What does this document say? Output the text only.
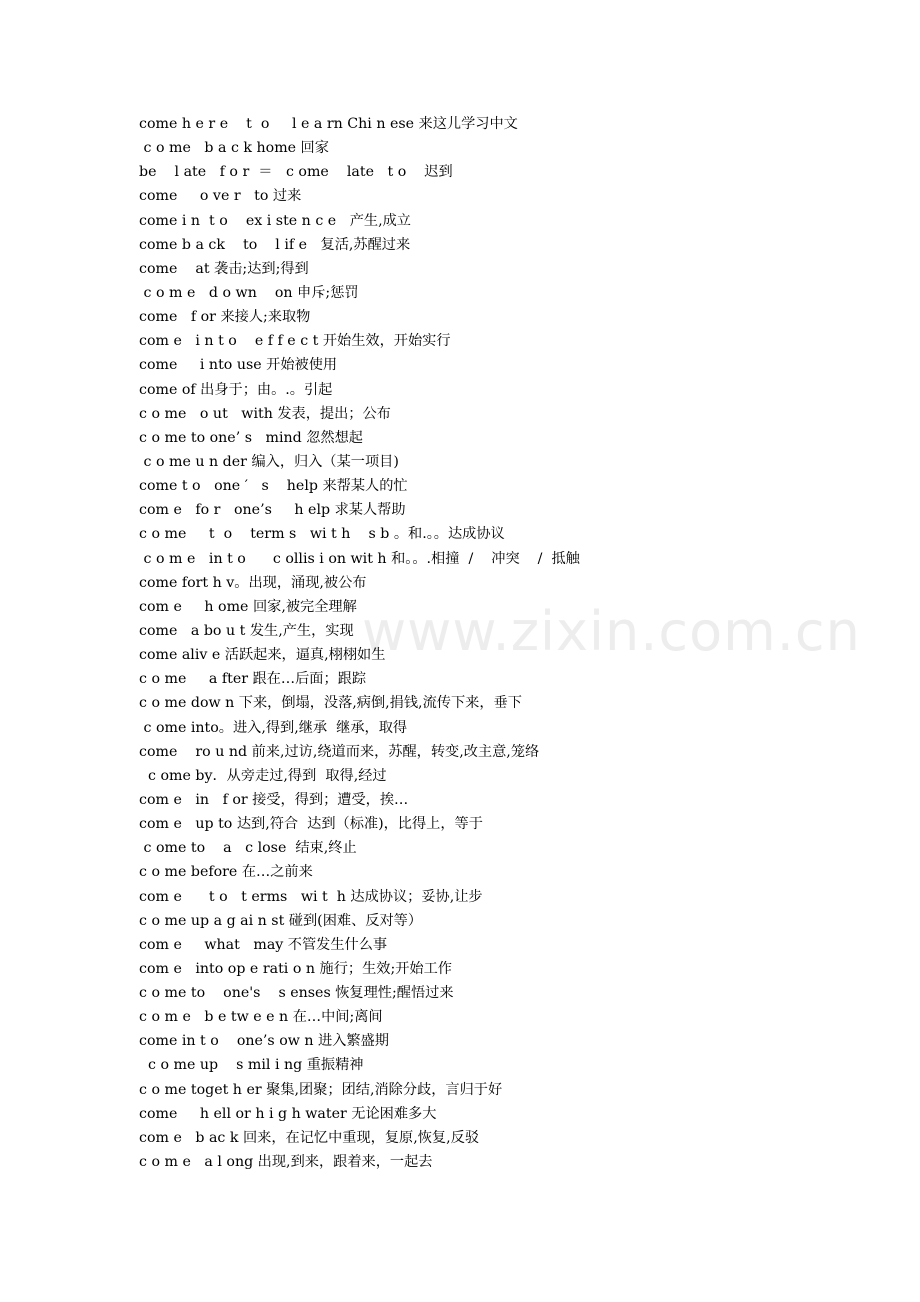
www.zixin.com.cn
come h e r e    t  o     l e a rn Chi n ese 来这儿学习中文
c o me   b a c k home 回家
be    l ate   f o r  ＝   c ome    late   t o    迟到
come     o ve r   to 过来
come i n  t o    ex i ste n c e   产生,成立
come b a ck    to    l if e   复活,苏醒过来
come    at 袭击;达到;得到
c o m e   d o wn    on 申斥;惩罚
come   f or 来接人;来取物
com e   i n t o    e f f e c t 开始生效，开始实行
come     i nto use 开始被使用
come of 出身于；由。.。引起
c o me   o ut   with 发表，提出；公布
c o me to one’ s   mind 忽然想起
c o me u n der 编入，归入（某一项目)
come t o   one ′   s    help 来帮某人的忙
com e   fo r   one’s     h elp 求某人帮助
c o me     t  o    term s   wi t h    s b 。和.。。达成协议
c o m e   in t o      c ollis i on wit h 和。。.相撞  /    冲突    /  抵触
come fort h v。出现，涌现,被公布
com e     h ome 回家,被完全理解
come   a bo u t 发生,产生，实现
come aliv e 活跃起来，逼真,栩栩如生
c o me     a fter 跟在…后面；跟踪
c o me dow n 下来，倒塌，没落,病倒,捐钱,流传下来，垂下
c ome into。进入,得到,继承  继承，取得
come    ro u nd 前来,过访,绕道而来，苏醒，转变,改主意,笼络
c ome by．从旁走过,得到  取得,经过
com e   in   f or 接受，得到；遭受，挨…
com e   up to 达到,符合  达到（标准)，比得上，等于
c ome to    a   c lose  结束,终止
c o me before 在…之前来
com e      t o   t erms   wi t  h 达成协议；妥协,让步
c o me up a g ai n st 碰到(困难、反对等）
com e     what   may 不管发生什么事
com e   into op e rati o n 施行；生效;开始工作
c o me to    one's    s enses 恢复理性;醒悟过来
c o m e   b e tw e e n 在…中间;离间
come in t o    one’s ow n 进入繁盛期
c o me up    s mil i ng 重振精神
c o me toget h er 聚集,团聚；团结,消除分歧，言归于好
come     h ell or h i g h water 无论困难多大
com e   b ac k 回来，在记忆中重现，复原,恢复,反驳
c o m e   a l ong 出现,到来，跟着来，一起去
